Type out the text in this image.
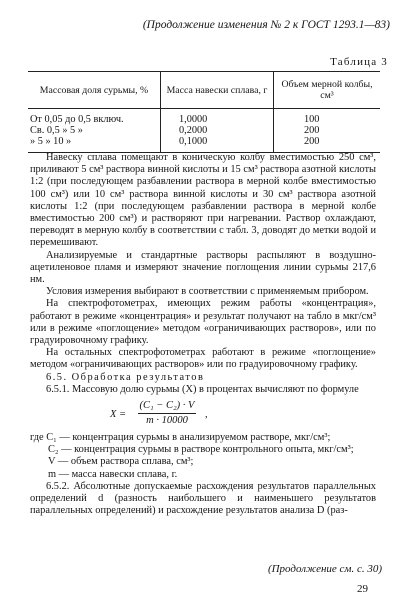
(Продолжение изменения № 2 к ГОСТ 1293.1—83)
Таблица 3
Массовая доля сурьмы, %	Масса навески сплава, г	Объем мерной колбы, см³
От 0,05 до 0,5 включ.	1,0000	100
Св. 0,5 » 5 »	0,2000	200
» 5 » 10 »	0,1000	200

Навеску сплава помещают в коническую колбу вместимостью 250 см³, приливают 5 см³ раствора винной кислоты и 15 см³ раствора азотной кислоты 1:2 (при последующем разбавлении раствора в мерной колбе вместимостью 100 см³) или 10 см³ раствора винной кислоты и 30 см³ раствора азотной кислоты 1:2 (при последующем разбавлении раствора в мерной колбе вместимостью 200 см³) и растворяют при нагревании. Раствор охлаждают, переводят в мерную колбу в соответствии с табл. 3, доводят до метки водой и перемешивают.

Анализируемые и стандартные растворы распыляют в воздушно-ацетиленовое пламя и измеряют значение поглощения линии сурьмы 217,6 нм.

Условия измерения выбирают в соответствии с применяемым прибором.

На спектрофотометрах, имеющих режим работы «концентрация», работают в режиме «концентрация» и результат получают на табло в мкг/см³ или в режиме «поглощение» методом «ограничивающих растворов», или по градуировочному графику.

На остальных спектрофотометрах работают в режиме «поглощение» методом «ограничивающих растворов» или по градуировочному графику.

6.5. Обработка результатов

6.5.1. Массовую долю сурьмы (X) в процентах вычисляют по формуле

X =
(C₁ − C₂) · V
m · 10000
,

где C₁ — концентрация сурьмы в анализируемом растворе, мкг/см³;

C₂ — концентрация сурьмы в растворе контрольного опыта, мкг/см³;

V — объем раствора сплава, см³;

m — масса навески сплава, г.

6.5.2. Абсолютные допускаемые расхождения результатов параллельных определений d (разность наибольшего и наименьшего результатов параллельных определений) и расхождение результатов анализа D (раз-

(Продолжение см. с. 30)
29
